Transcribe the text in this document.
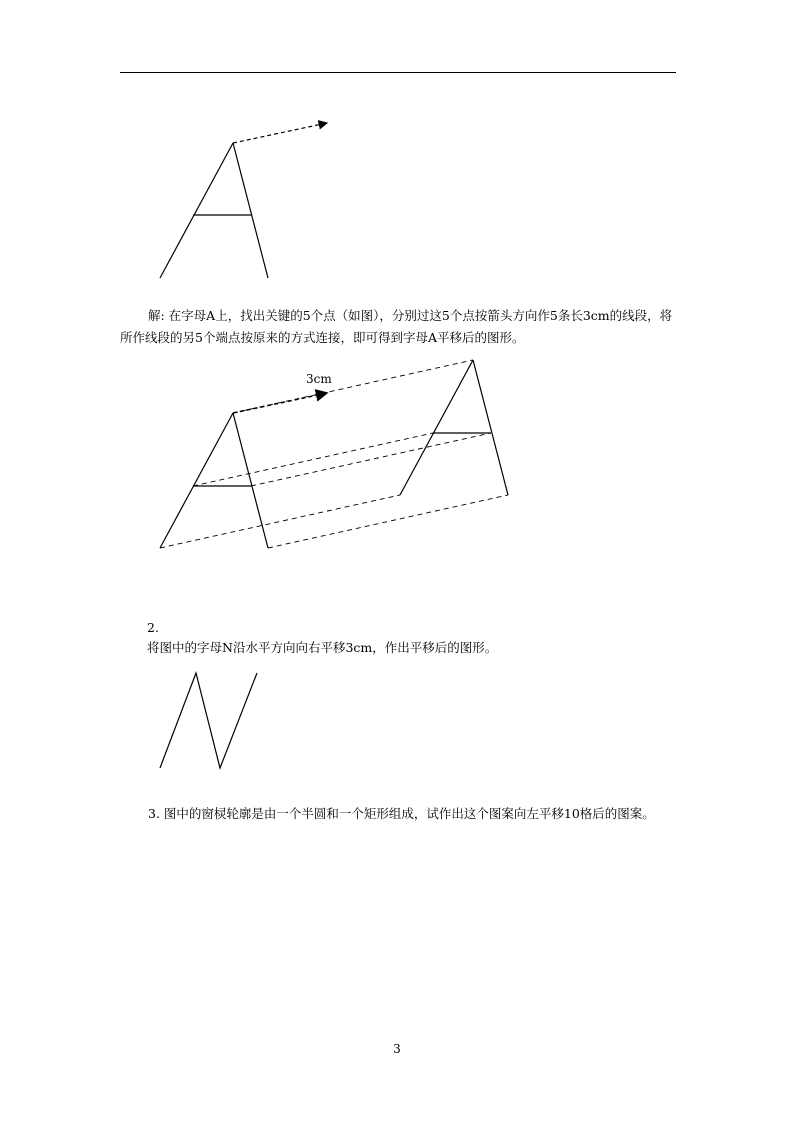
解: 在字母A上，找出关键的5个点（如图），分别过这5个点按箭头方向作5条长3cm的线段，将所作线段的另5个端点按原来的方式连接，即可得到字母A平移后的图形。

3cm

2.

将图中的字母N沿水平方向向右平移3cm，作出平移后的图形。

3. 图中的窗棂轮廓是由一个半圆和一个矩形组成，试作出这个图案向左平移10格后的图案。

3
